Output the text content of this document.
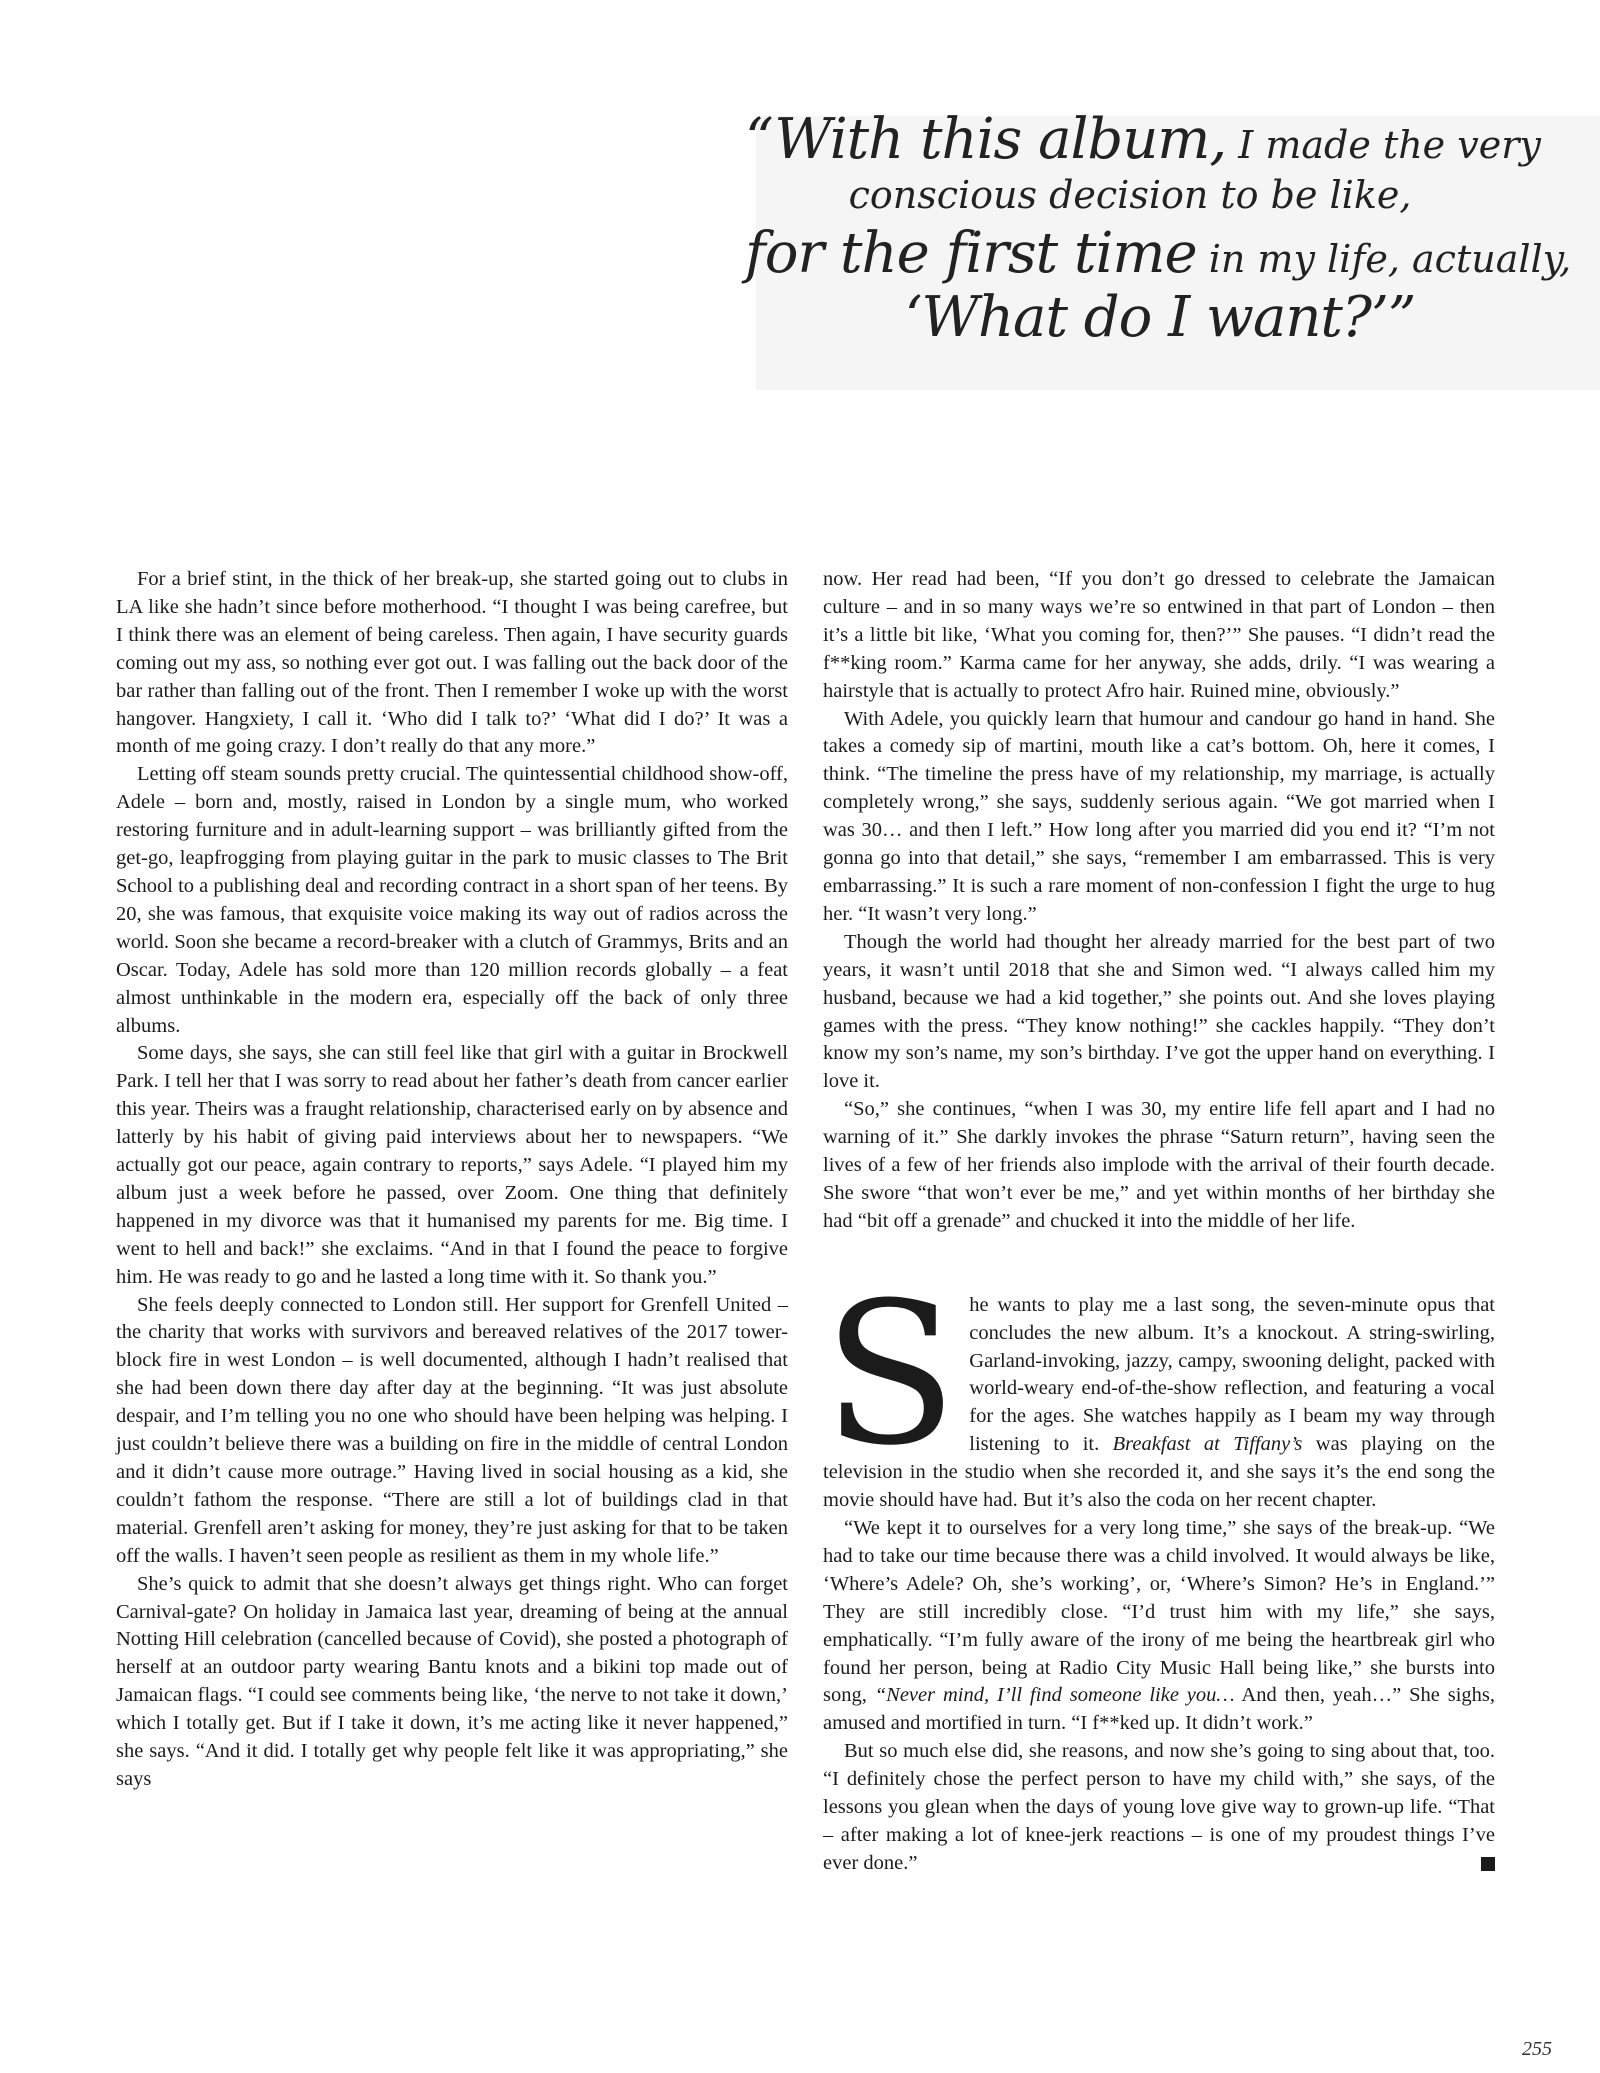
“With this album, I made the very
conscious decision to be like,
for the first time in my life, actually,
‘What do I want?’”

For a brief stint, in the thick of her break-up, she started going out to clubs in LA like she hadn’t since before motherhood. “I thought I was being carefree, but I think there was an element of being careless. Then again, I have security guards coming out my ass, so nothing ever got out. I was falling out the back door of the bar rather than falling out of the front. Then I remember I woke up with the worst hangover. Hangxiety, I call it. ‘Who did I talk to?’ ‘What did I do?’ It was a month of me going crazy. I don’t really do that any more.”

Letting off steam sounds pretty crucial. The quintessential childhood show-off, Adele – born and, mostly, raised in London by a single mum, who worked restoring furniture and in adult-learning support – was brilliantly gifted from the get-go, leapfrogging from playing guitar in the park to music classes to The Brit School to a publishing deal and recording contract in a short span of her teens. By 20, she was famous, that exquisite voice making its way out of radios across the world. Soon she became a record-breaker with a clutch of Grammys, Brits and an Oscar. Today, Adele has sold more than 120 million records globally – a feat almost unthinkable in the modern era, especially off the back of only three albums.

Some days, she says, she can still feel like that girl with a guitar in Brockwell Park. I tell her that I was sorry to read about her father’s death from cancer earlier this year. Theirs was a fraught relationship, characterised early on by absence and latterly by his habit of giving paid interviews about her to newspapers. “We actually got our peace, again contrary to reports,” says Adele. “I played him my album just a week before he passed, over Zoom. One thing that definitely happened in my divorce was that it humanised my parents for me. Big time. I went to hell and back!” she exclaims. “And in that I found the peace to forgive him. He was ready to go and he lasted a long time with it. So thank you.”

She feels deeply connected to London still. Her support for Grenfell United – the charity that works with survivors and bereaved relatives of the 2017 tower-block fire in west London – is well documented, although I hadn’t realised that she had been down there day after day at the beginning. “It was just absolute despair, and I’m telling you no one who should have been helping was helping. I just couldn’t believe there was a building on fire in the middle of central London and it didn’t cause more outrage.” Having lived in social housing as a kid, she couldn’t fathom the response. “There are still a lot of buildings clad in that material. Grenfell aren’t asking for money, they’re just asking for that to be taken off the walls. I haven’t seen people as resilient as them in my whole life.”

She’s quick to admit that she doesn’t always get things right. Who can forget Carnival-gate? On holiday in Jamaica last year, dreaming of being at the annual Notting Hill celebration (cancelled because of Covid), she posted a photograph of herself at an outdoor party wearing Bantu knots and a bikini top made out of Jamaican flags. “I could see comments being like, ‘the nerve to not take it down,’ which I totally get. But if I take it down, it’s me acting like it never happened,” she says. “And it did. I totally get why people felt like it was appropriating,” she says

now. Her read had been, “If you don’t go dressed to celebrate the Jamaican culture – and in so many ways we’re so entwined in that part of London – then it’s a little bit like, ‘What you coming for, then?’” She pauses. “I didn’t read the f**king room.” Karma came for her anyway, she adds, drily. “I was wearing a hairstyle that is actually to protect Afro hair. Ruined mine, obviously.”

With Adele, you quickly learn that humour and candour go hand in hand. She takes a comedy sip of martini, mouth like a cat’s bottom. Oh, here it comes, I think. “The timeline the press have of my relationship, my marriage, is actually completely wrong,” she says, suddenly serious again. “We got married when I was 30… and then I left.” How long after you married did you end it? “I’m not gonna go into that detail,” she says, “remember I am embarrassed. This is very embarrassing.” It is such a rare moment of non-confession I fight the urge to hug her. “It wasn’t very long.”

Though the world had thought her already married for the best part of two years, it wasn’t until 2018 that she and Simon wed. “I always called him my husband, because we had a kid together,” she points out. And she loves playing games with the press. “They know nothing!” she cackles happily. “They don’t know my son’s name, my son’s birthday. I’ve got the upper hand on everything. I love it.

“So,” she continues, “when I was 30, my entire life fell apart and I had no warning of it.” She darkly invokes the phrase “Saturn return”, having seen the lives of a few of her friends also implode with the arrival of their fourth decade. She swore “that won’t ever be me,” and yet within months of her birthday she had “bit off a grenade” and chucked it into the middle of her life.

She wants to play me a last song, the seven-minute opus that concludes the new album. It’s a knockout. A string-swirling, Garland-invoking, jazzy, campy, swooning delight, packed with world-weary end-of-the-show reflection, and featuring a vocal for the ages. She watches happily as I beam my way through listening to it. Breakfast at Tiffany’s was playing on the television in the studio when she recorded it, and she says it’s the end song the movie should have had. But it’s also the coda on her recent chapter.

“We kept it to ourselves for a very long time,” she says of the break-up. “We had to take our time because there was a child involved. It would always be like, ‘Where’s Adele? Oh, she’s working’, or, ‘Where’s Simon? He’s in England.’” They are still incredibly close. “I’d trust him with my life,” she says, emphatically. “I’m fully aware of the irony of me being the heartbreak girl who found her person, being at Radio City Music Hall being like,” she bursts into song, “Never mind, I’ll find someone like you… And then, yeah…” She sighs, amused and mortified in turn. “I f**ked up. It didn’t work.”

But so much else did, she reasons, and now she’s going to sing about that, too. “I definitely chose the perfect person to have my child with,” she says, of the lessons you glean when the days of young love give way to grown-up life. “That – after making a lot of knee-jerk reactions – is one of my proudest things I’ve ever done.”

255
